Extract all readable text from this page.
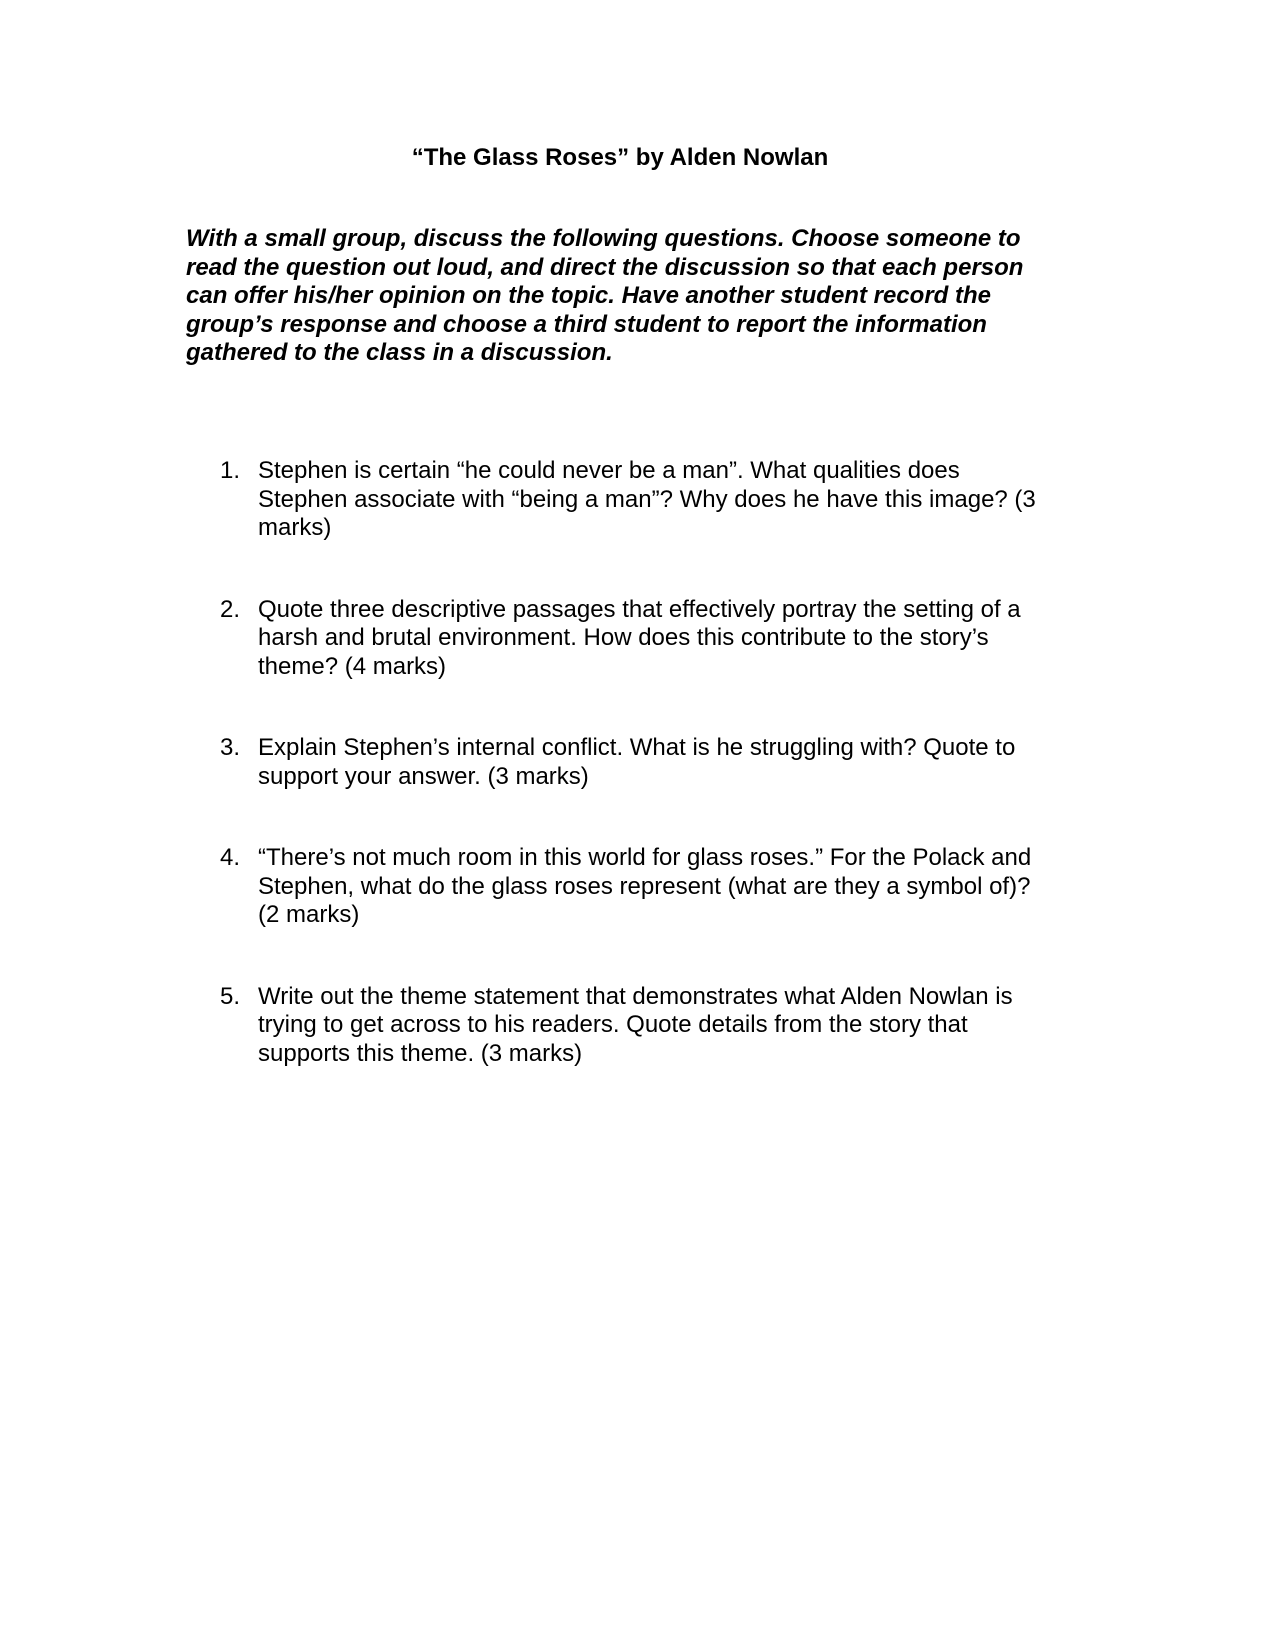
“The Glass Roses” by Alden Nowlan

With a small group, discuss the following questions. Choose someone to
read the question out loud, and direct the discussion so that each person
can offer his/her opinion on the topic. Have another student record the
group’s response and choose a third student to report the information
gathered to the class in a discussion.

1. Stephen is certain “he could never be a man”. What qualities does
Stephen associate with “being a man”? Why does he have this image? (3
marks)
2. Quote three descriptive passages that effectively portray the setting of a
harsh and brutal environment. How does this contribute to the story’s
theme? (4 marks)
3. Explain Stephen’s internal conflict. What is he struggling with? Quote to
support your answer. (3 marks)
4. “There’s not much room in this world for glass roses.” For the Polack and
Stephen, what do the glass roses represent (what are they a symbol of)?
(2 marks)
5. Write out the theme statement that demonstrates what Alden Nowlan is
trying to get across to his readers. Quote details from the story that
supports this theme. (3 marks)
